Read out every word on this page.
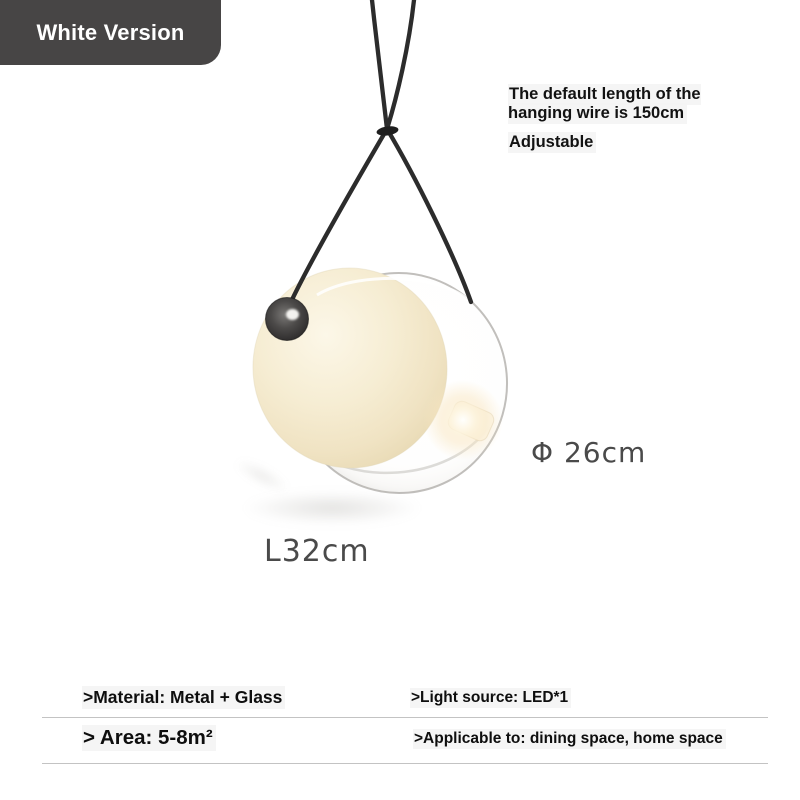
White Version
The default length of the hanging wire is 150cm
Adjustable
Φ 26cm
L32cm
>Material: Metal + Glass	>Light source: LED*1
> Area: 5-8m²	>Applicable to: dining space, home space
